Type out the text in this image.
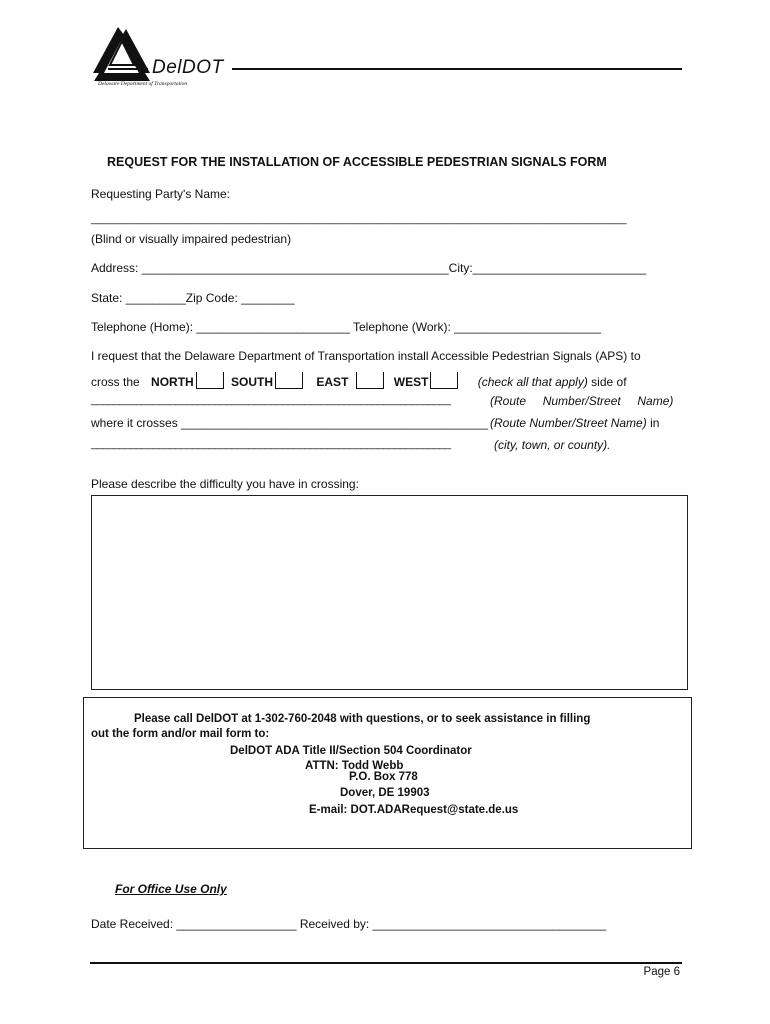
DelDOT
Delaware Department of Transportation
REQUEST FOR THE INSTALLATION OF ACCESSIBLE PEDESTRIAN SIGNALS FORM
Requesting Party's Name:
____________________________________________________________________________________________
(Blind or visually impaired pedestrian)
Address: ______________________________________________City:__________________________
State: _________Zip Code: ________
Telephone (Home): _______________________ Telephone (Work): ______________________
I request that the Delaware Department of Transportation install Accessible Pedestrian Signals (APS) to
cross the NORTH	SOUTH	EAST	WEST	(check all that apply) side of
________________________________________________________________	(Route     Number/Street     Name)
where it crosses ______________________________________________ (Route Number/Street Name) in
________________________________________________________________	(city, town, or county).
Please describe the difficulty you have in crossing:
Please call DelDOT at 1-302-760-2048 with questions, or to seek assistance in filling
out the form and/or mail form to:
DelDOT ADA Title II/Section 504 Coordinator
ATTN: Todd Webb
P.O. Box 778
Dover, DE 19903
E-mail: DOT.ADARequest@state.de.us
For Office Use Only
Date Received: __________________ Received by: ___________________________________
Page 6
